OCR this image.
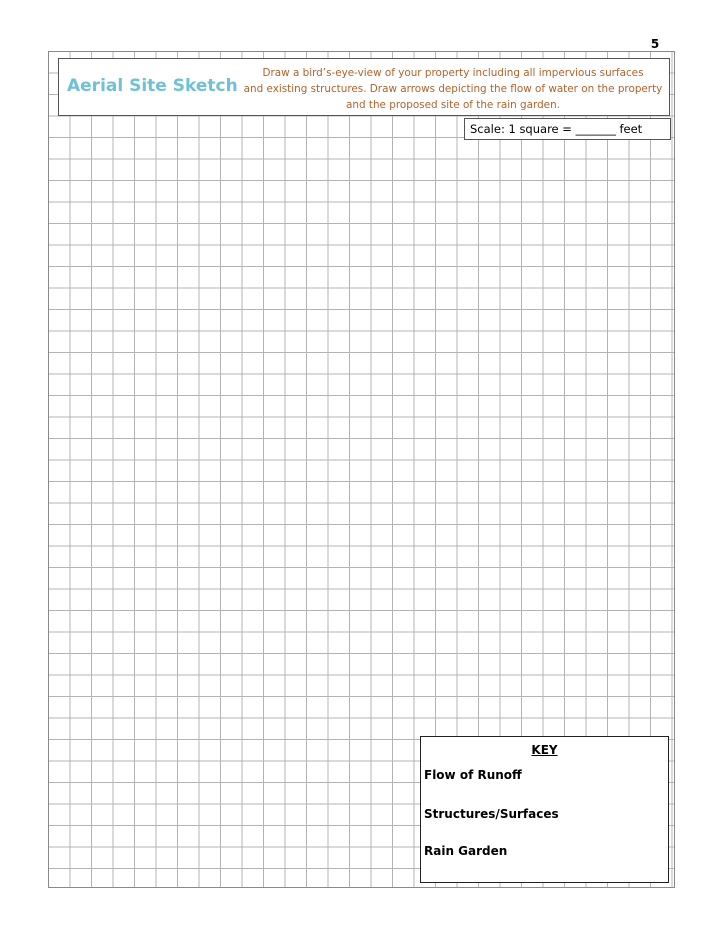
5
Aerial Site Sketch
Draw a bird’s-eye-view of your property including all impervious surfaces
and existing structures. Draw arrows depicting the flow of water on the property
and the proposed site of the rain garden.
Scale: 1 square = _______ feet
KEY
Flow of Runoff
Structures/Surfaces
Rain Garden
